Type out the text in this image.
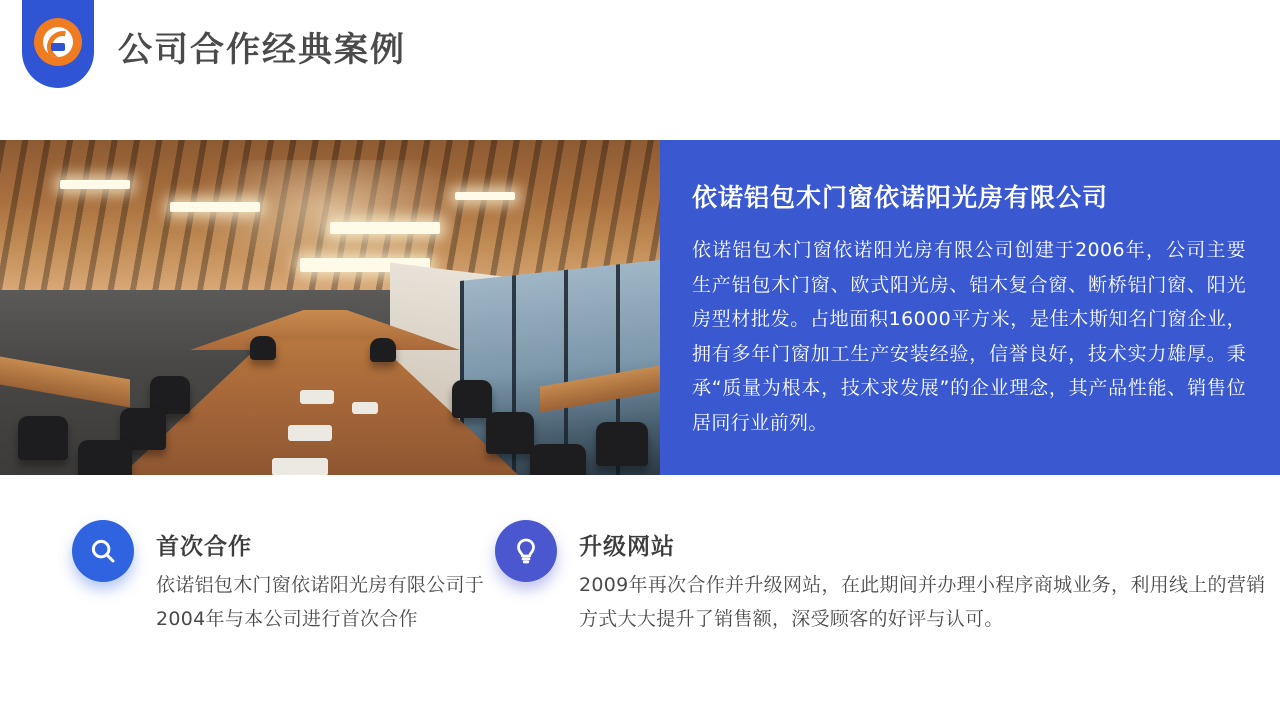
公司合作经典案例
依诺铝包木门窗依诺阳光房有限公司

依诺铝包木门窗依诺阳光房有限公司创建于2006年，公司主要生产铝包木门窗、欧式阳光房、铝木复合窗、断桥铝门窗、阳光房型材批发。占地面积16000平方米，是佳木斯知名门窗企业，拥有多年门窗加工生产安装经验，信誉良好，技术实力雄厚。秉承“质量为根本，技术求发展”的企业理念，其产品性能、销售位居同行业前列。

首次合作
依诺铝包木门窗依诺阳光房有限公司于2004年与本公司进行首次合作
升级网站
2009年再次合作并升级网站，在此期间并办理小程序商城业务，利用线上的营销方式大大提升了销售额，深受顾客的好评与认可。
